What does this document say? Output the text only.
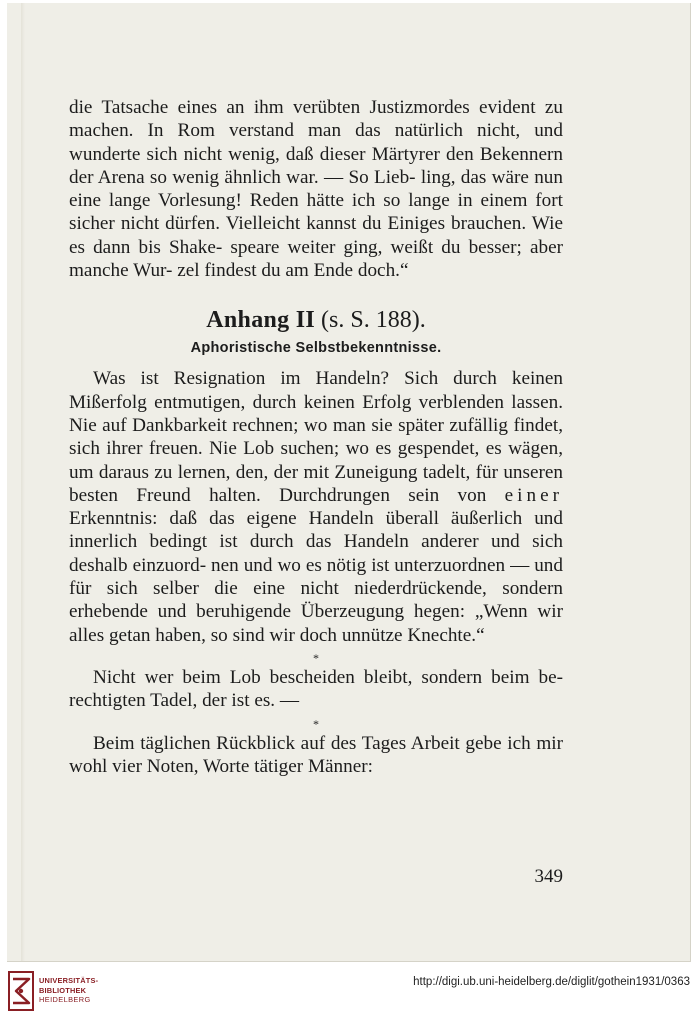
die Tatsache eines an ihm verübten Justizmordes evident zu machen. In Rom verstand man das natürlich nicht, und wunderte sich nicht wenig, daß dieser Märtyrer den Bekennern der Arena so wenig ähnlich war. — So Lieb- ling, das wäre nun eine lange Vorlesung! Reden hätte ich so lange in einem fort sicher nicht dürfen. Vielleicht kannst du Einiges brauchen. Wie es dann bis Shake- speare weiter ging, weißt du besser; aber manche Wur- zel findest du am Ende doch.“

Anhang II (s. S. 188).
Aphoristische Selbstbekenntnisse.

Was ist Resignation im Handeln? Sich durch keinen Mißerfolg entmutigen, durch keinen Erfolg verblenden lassen. Nie auf Dankbarkeit rechnen; wo man sie später zufällig findet, sich ihrer freuen. Nie Lob suchen; wo es gespendet, es wägen, um daraus zu lernen, den, der mit Zuneigung tadelt, für unseren besten Freund halten. Durchdrungen sein von einer Erkenntnis: daß das eigene Handeln überall äußerlich und innerlich bedingt ist durch das Handeln anderer und sich deshalb einzuord- nen und wo es nötig ist unterzuordnen — und für sich selber die eine nicht niederdrückende, sondern erhebende und beruhigende Überzeugung hegen: „Wenn wir alles getan haben, so sind wir doch unnütze Knechte.“

*

Nicht wer beim Lob bescheiden bleibt, sondern beim be- rechtigten Tadel, der ist es. —

*

Beim täglichen Rückblick auf des Tages Arbeit gebe ich mir wohl vier Noten, Worte tätiger Männer:

349
UNIVERSITÄTS-
BIBLIOTHEK
HEIDELBERG
http://digi.ub.uni-heidelberg.de/diglit/gothein1931/0363
